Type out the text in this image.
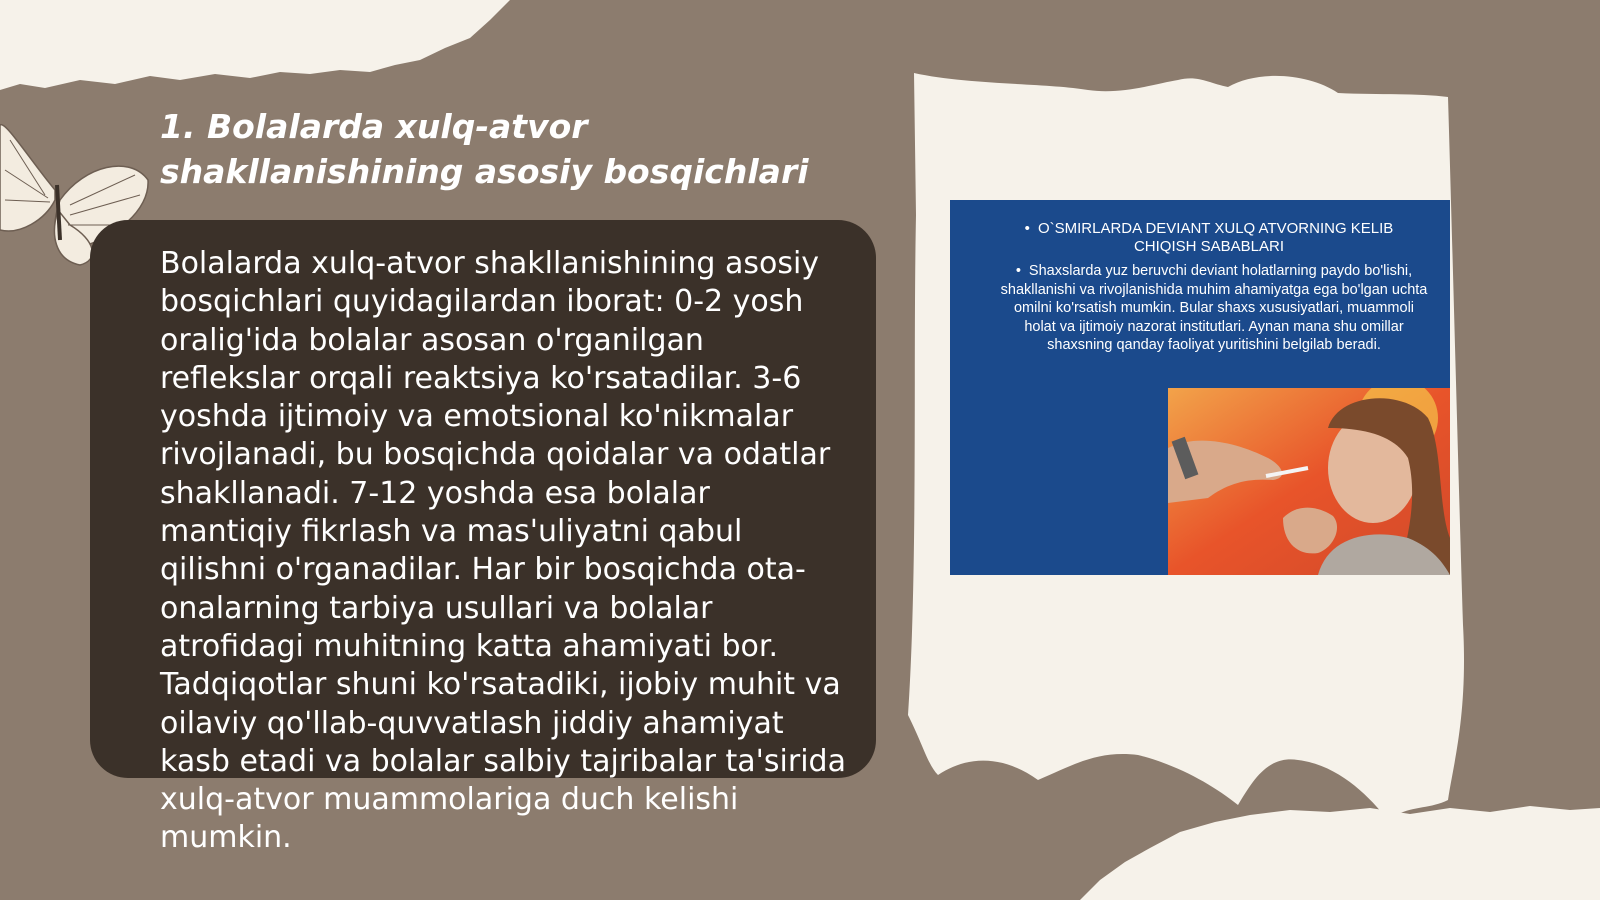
1. Bolalarda xulq-atvor shakllanishining asosiy bosqichlari

Bolalarda xulq-atvor shakllanishining asosiy bosqichlari quyidagilardan iborat: 0-2 yosh oralig'ida bolalar asosan o'rganilgan reflekslar orqali reaktsiya ko'rsatadilar. 3-6 yoshda ijtimoiy va emotsional ko'nikmalar rivojlanadi, bu bosqichda qoidalar va odatlar shakllanadi. 7-12 yoshda esa bolalar mantiqiy fikrlash va mas'uliyatni qabul qilishni o'rganadilar. Har bir bosqichda ota-onalarning tarbiya usullari va bolalar atrofidagi muhitning katta ahamiyati bor. Tadqiqotlar shuni ko'rsatadiki, ijobiy muhit va oilaviy qo'llab-quvvatlash jiddiy ahamiyat kasb etadi va bolalar salbiy tajribalar ta'sirida xulq-atvor muammolariga duch kelishi mumkin.

• O`SMIRLARDA DEVIANT XULQ ATVORNING KELIB CHIQISH SABABLARI

• Shaxslarda yuz beruvchi deviant holatlarning paydo bo'lishi, shakllanishi va rivojlanishida muhim ahamiyatga ega bo'lgan uchta omilni ko'rsatish mumkin. Bular shaxs xususiyatlari, muammoli holat va ijtimoiy nazorat institutlari. Aynan mana shu omillar shaxsning qanday faoliyat yuritishini belgilab beradi.
